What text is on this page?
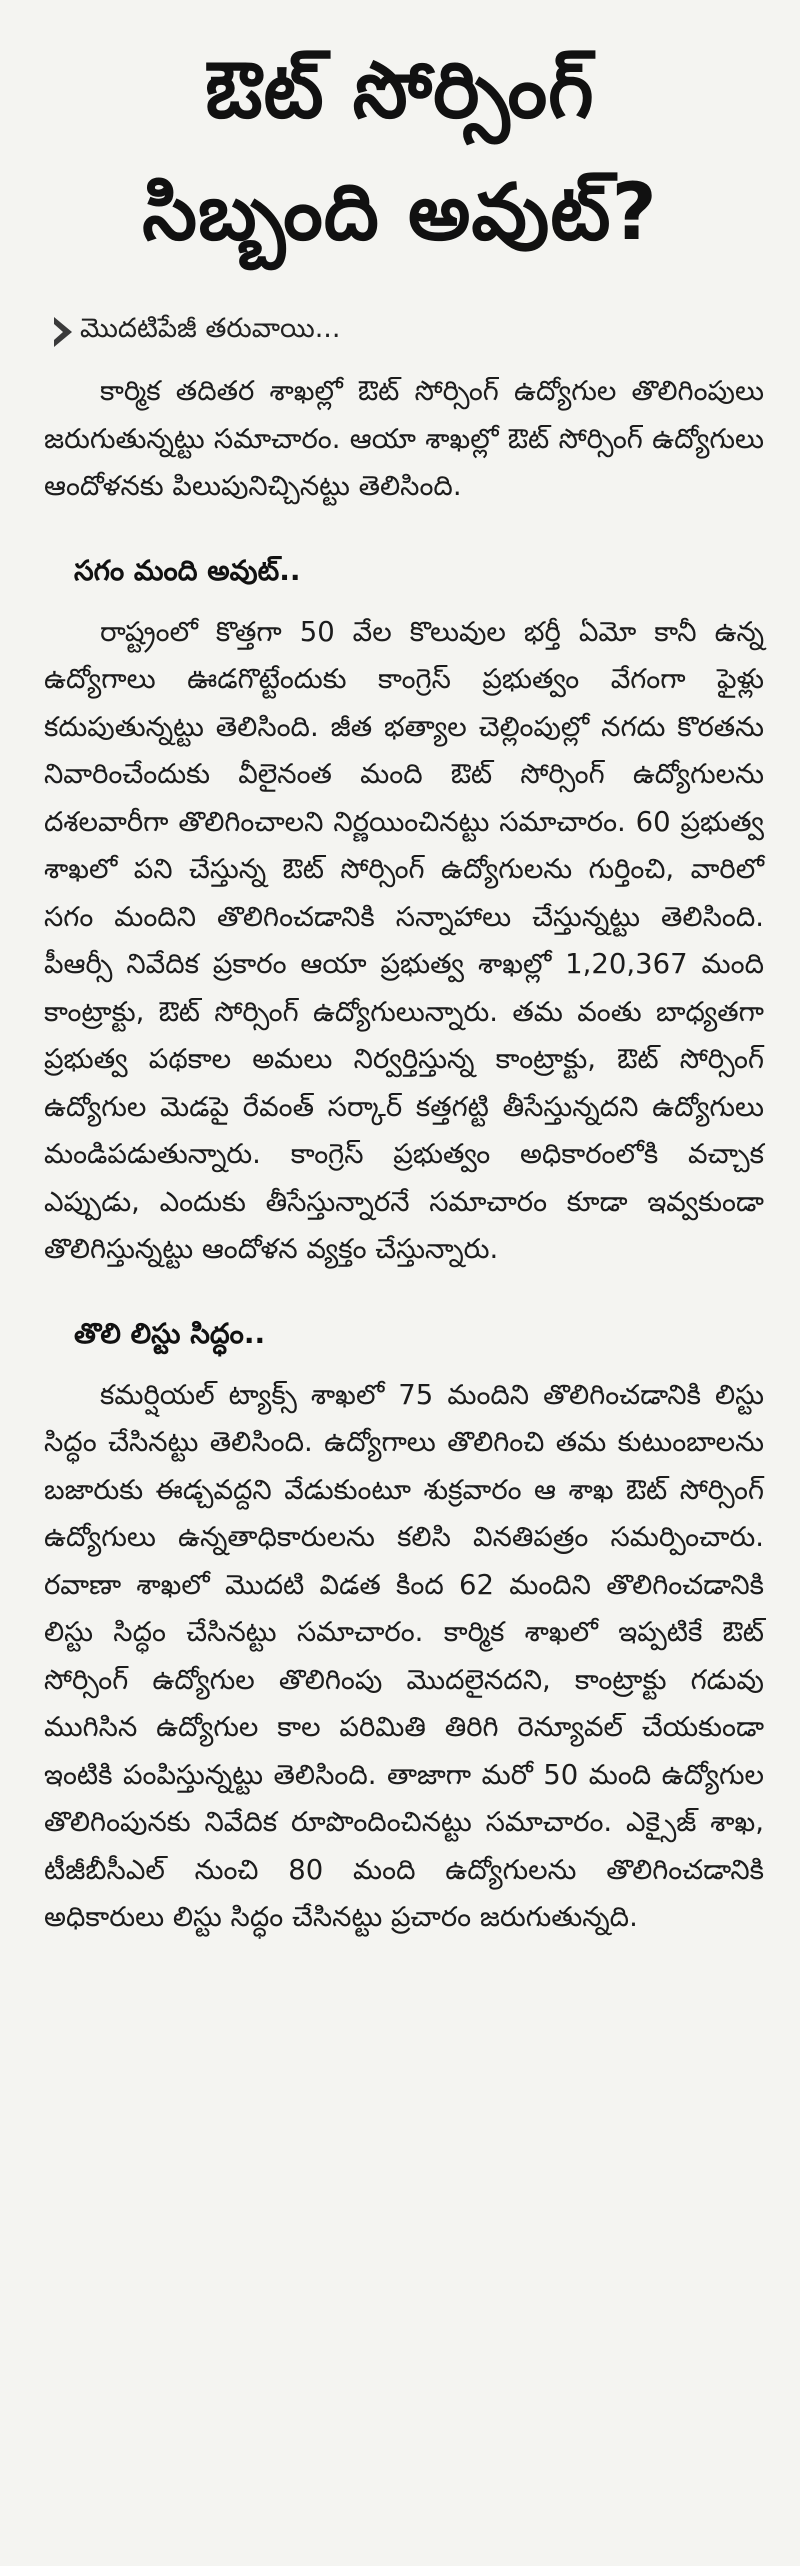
ఔట్ సోర్సింగ్
సిబ్బంది అవుట్?
మొదటిపేజీ తరువాయి...

కార్మిక తదితర శాఖల్లో ఔట్ సోర్సింగ్ ఉద్యోగుల తొలిగింపులు జరుగుతున్నట్టు సమాచారం. ఆయా శాఖల్లో ఔట్ సోర్సింగ్ ఉద్యోగులు ఆందోళనకు పిలుపునిచ్చినట్టు తెలిసింది.

సగం మంది అవుట్..

రాష్ట్రంలో కొత్తగా 50 వేల కొలువుల భర్తీ ఏమో కానీ ఉన్న ఉద్యోగాలు ఊడగొట్టేందుకు కాంగ్రెస్ ప్రభుత్వం వేగంగా ఫైళ్లు కదుపుతున్నట్టు తెలిసింది. జీత భత్యాల చెల్లింపుల్లో నగదు కొరతను నివారించేందుకు వీలైనంత మంది ఔట్ సోర్సింగ్ ఉద్యోగులను దశలవారీగా తొలిగించాలని నిర్ణయించినట్టు సమాచారం. 60 ప్రభుత్వ శాఖలో పని చేస్తున్న ఔట్ సోర్సింగ్ ఉద్యోగులను గుర్తించి, వారిలో సగం మందిని తొలిగించడానికి సన్నాహాలు చేస్తున్నట్టు తెలిసింది. పీఆర్సీ నివేదిక ప్రకారం ఆయా ప్రభుత్వ శాఖల్లో 1,20,367 మంది కాంట్రాక్టు, ఔట్ సోర్సింగ్ ఉద్యోగులున్నారు. తమ వంతు బాధ్యతగా ప్రభుత్వ పథకాల అమలు నిర్వర్తిస్తున్న కాంట్రాక్టు, ఔట్ సోర్సింగ్ ఉద్యోగుల మెడపై రేవంత్ సర్కార్ కత్తగట్టి తీసేస్తున్నదని ఉద్యోగులు మండిపడుతున్నారు. కాంగ్రెస్ ప్రభుత్వం అధికారంలోకి వచ్చాక ఎప్పుడు, ఎందుకు తీసేస్తున్నారనే సమాచారం కూడా ఇవ్వకుండా తొలిగిస్తున్నట్టు ఆందోళన వ్యక్తం చేస్తున్నారు.

తొలి లిస్టు సిద్ధం..

కమర్షియల్ ట్యాక్స్ శాఖలో 75 మందిని తొలిగించడానికి లిస్టు సిద్ధం చేసినట్టు తెలిసింది. ఉద్యోగాలు తొలిగించి తమ కుటుంబాలను బజారుకు ఈడ్చవద్దని వేడుకుంటూ శుక్రవారం ఆ శాఖ ఔట్ సోర్సింగ్ ఉద్యోగులు ఉన్నతాధికారులను కలిసి వినతిపత్రం సమర్పించారు. రవాణా శాఖలో మొదటి విడత కింద 62 మందిని తొలిగించడానికి లిస్టు సిద్ధం చేసినట్టు సమాచారం. కార్మిక శాఖలో ఇప్పటికే ఔట్ సోర్సింగ్ ఉద్యోగుల తొలిగింపు మొదలైనదని, కాంట్రాక్టు గడువు ముగిసిన ఉద్యోగుల కాల పరిమితి తిరిగి రెన్యూవల్ చేయకుండా ఇంటికి పంపిస్తున్నట్టు తెలిసింది. తాజాగా మరో 50 మంది ఉద్యోగుల తొలిగింపునకు నివేదిక రూపొందించినట్టు సమాచారం. ఎక్సైజ్ శాఖ, టీజీబీసీఎల్ నుంచి 80 మంది ఉద్యోగులను తొలిగించడానికి అధికారులు లిస్టు సిద్ధం చేసినట్టు ప్రచారం జరుగుతున్నది.
